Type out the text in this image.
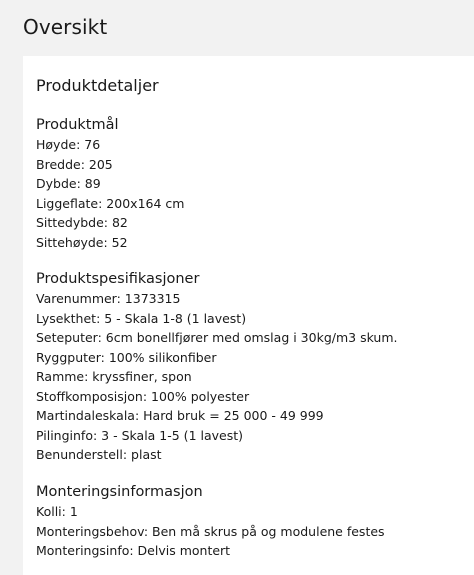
Oversikt
Produktdetaljer
Produktmål
Høyde: 76
Bredde: 205
Dybde: 89
Liggeflate: 200x164 cm
Sittedybde: 82
Sittehøyde: 52
Produktspesifikasjoner
Varenummer: 1373315
Lysekthet: 5 - Skala 1-8 (1 lavest)
Seteputer: 6cm bonellfjører med omslag i 30kg/m3 skum.
Ryggputer: 100% silikonfiber
Ramme: kryssfiner, spon
Stoffkomposisjon: 100% polyester
Martindaleskala: Hard bruk = 25 000 - 49 999
Pilinginfo: 3 - Skala 1-5 (1 lavest)
Benunderstell: plast
Monteringsinformasjon
Kolli: 1
Monteringsbehov: Ben må skrus på og modulene festes
Monteringsinfo: Delvis montert
